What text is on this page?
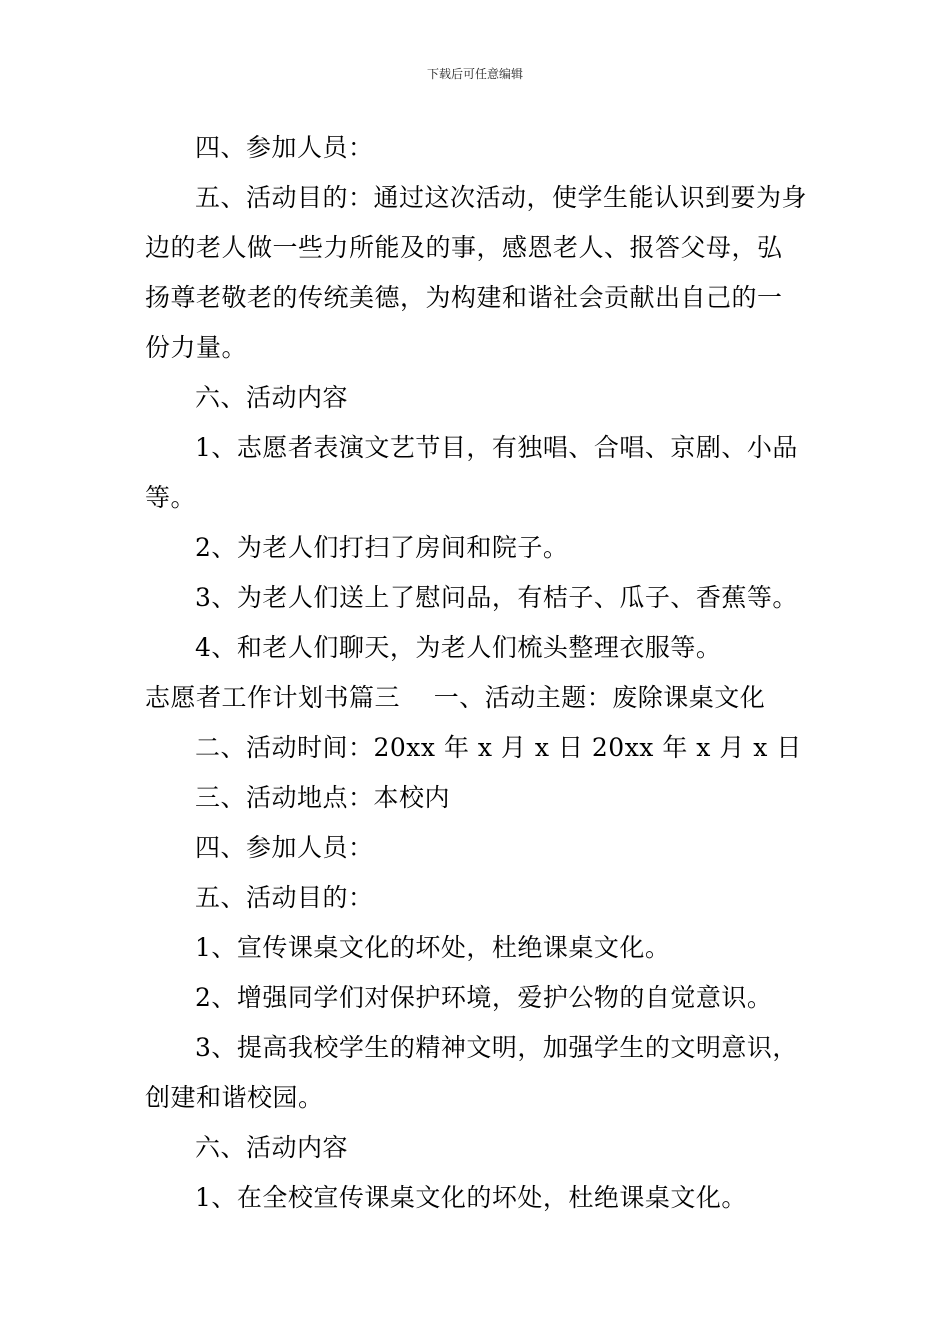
下载后可任意编辑

四、参加人员：

五、活动目的：通过这次活动，使学生能认识到要为身边的老人做一些力所能及的事，感恩老人、报答父母，弘扬尊老敬老的传统美德，为构建和谐社会贡献出自己的一份力量。

六、活动内容

1、志愿者表演文艺节目，有独唱、合唱、京剧、小品等。

2、为老人们打扫了房间和院子。

3、为老人们送上了慰问品，有桔子、瓜子、香蕉等。

4、和老人们聊天，为老人们梳头整理衣服等。

志愿者工作计划书篇三    一、活动主题：废除课桌文化

二、活动时间：20xx 年 x 月 x 日 20xx 年 x 月 x 日

三、活动地点：本校内

四、参加人员：

五、活动目的：

1、宣传课桌文化的坏处，杜绝课桌文化。

2、增强同学们对保护环境，爱护公物的自觉意识。

3、提高我校学生的精神文明，加强学生的文明意识，创建和谐校园。

六、活动内容

1、在全校宣传课桌文化的坏处，杜绝课桌文化。
